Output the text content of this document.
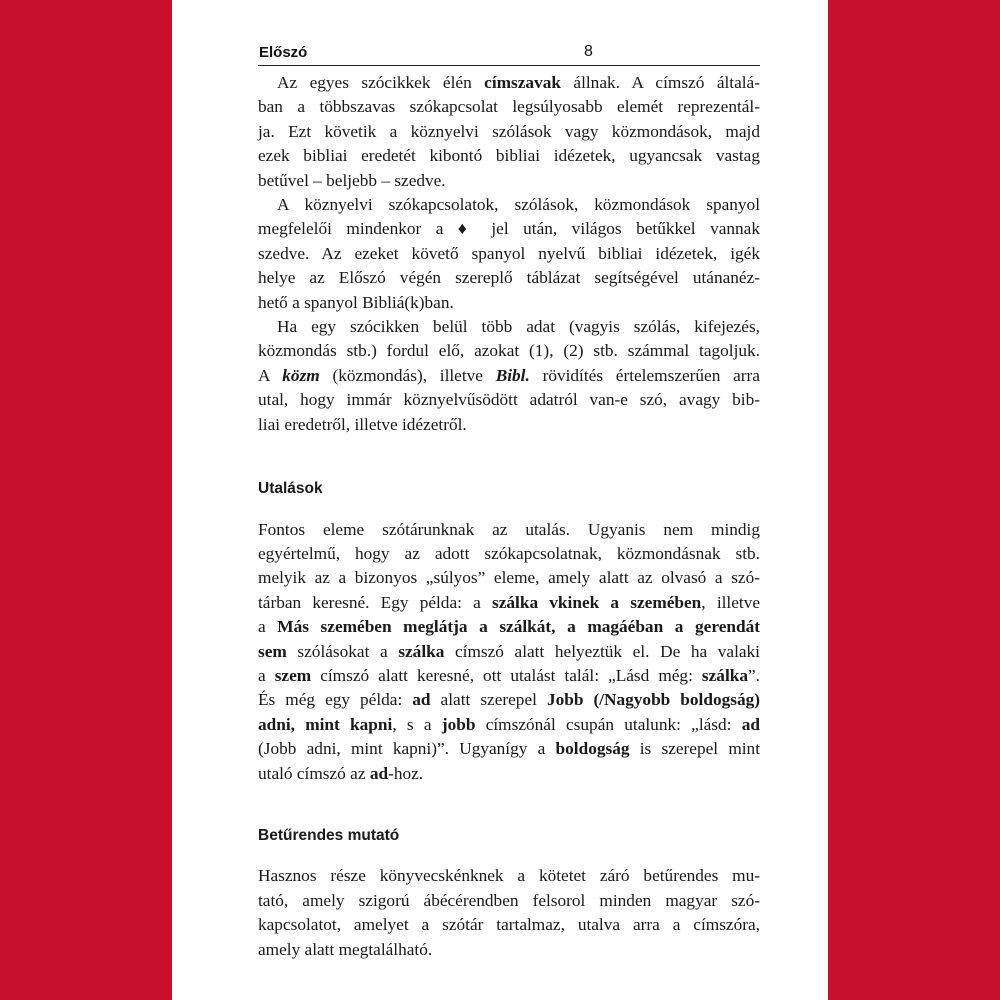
Előszó	8
Az egyes szócikkek élén címszavak állnak. A címszó általá-
ban a többszavas szókapcsolat legsúlyosabb elemét reprezentál-
ja. Ezt követik a köznyelvi szólások vagy közmondások, majd
ezek bibliai eredetét kibontó bibliai idézetek, ugyancsak vastag
betűvel – beljebb – szedve.
A köznyelvi szókapcsolatok, szólások, közmondások spanyol
megfelelői mindenkor a ♦ jel után, világos betűkkel vannak
szedve. Az ezeket követő spanyol nyelvű bibliai idézetek, igék
helye az Előszó végén szereplő táblázat segítségével utánanéz-
hető a spanyol Bibliá(k)ban.
Ha egy szócikken belül több adat (vagyis szólás, kifejezés,
közmondás stb.) fordul elő, azokat (1), (2) stb. számmal tagoljuk.
A közm (közmondás), illetve Bibl. rövidítés értelemszerűen arra
utal, hogy immár köznyelvűsödött adatról van-e szó, avagy bib-
liai eredetről, illetve idézetről.
Utalások
Fontos eleme szótárunknak az utalás. Ugyanis nem mindig
egyértelmű, hogy az adott szókapcsolatnak, közmondásnak stb.
melyik az a bizonyos „súlyos” eleme, amely alatt az olvasó a szó-
tárban keresné. Egy példa: a szálka vkinek a szemében, illetve
a Más szemében meglátja a szálkát, a magáéban a gerendát
sem szólásokat a szálka címszó alatt helyeztük el. De ha valaki
a szem címszó alatt keresné, ott utalást talál: „Lásd még: szálka”.
És még egy példa: ad alatt szerepel Jobb (/Nagyobb boldogság)
adni, mint kapni, s a jobb címszónál csupán utalunk: „lásd: ad
(Jobb adni, mint kapni)”. Ugyanígy a boldogság is szerepel mint
utaló címszó az ad-hoz.
Betűrendes mutató
Hasznos része könyvecskénknek a kötetet záró betűrendes mu-
tató, amely szigorú ábécérendben felsorol minden magyar szó-
kapcsolatot, amelyet a szótár tartalmaz, utalva arra a címszóra,
amely alatt megtalálható.
